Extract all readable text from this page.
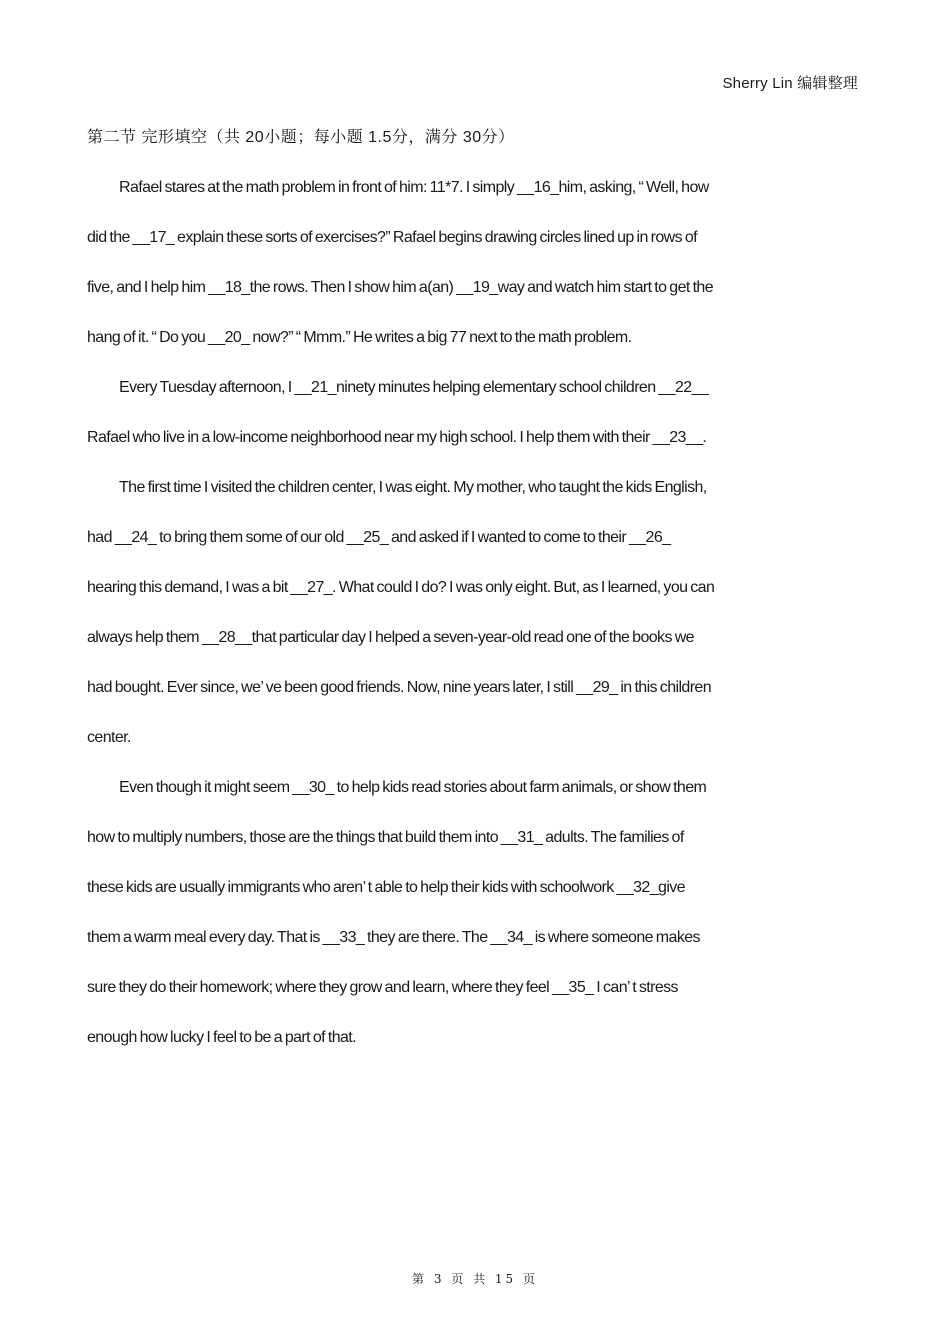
Sherry Lin 编辑整理
第二节 完形填空（共 20小题；每小题 1.5分，满分 30分）

Rafael stares at the math problem in front of him: 11*7. I simply __16_him, asking, “ Well, how did the __17_ explain these sorts of exercises?” Rafael begins drawing circles lined up in rows of five, and I help him __18_the rows. Then I show him a(an) __19_way and watch him start to get the hang of it. “ Do you __20_ now?” “ Mmm.” He writes a big 77 next to the math problem.

Every Tuesday afternoon, I __21_ninety minutes helping elementary school children __22__ Rafael who live in a low-income neighborhood near my high school. I help them with their __23__.

The first time I visited the children center, I was eight. My mother, who taught the kids English, had __24_ to bring them some of our old __25_ and asked if I wanted to come to their __26_ hearing this demand, I was a bit __27_. What could I do? I was only eight. But, as I learned, you can always help them __28__that particular day I helped a seven-year-old read one of the books we had bought. Ever since, we’ ve been good friends. Now, nine years later, I still __29_ in this children center.

Even though it might seem __30_ to help kids read stories about farm animals, or show them how to multiply numbers, those are the things that build them into __31_ adults. The families of these kids are usually immigrants who aren’ t able to help their kids with schoolwork __32_give them a warm meal every day. That is __33_ they are there. The __34_ is where someone makes sure they do their homework; where they grow and learn, where they feel __35_ I can’ t stress enough how lucky I feel to be a part of that.

第 3 页 共 15 页
